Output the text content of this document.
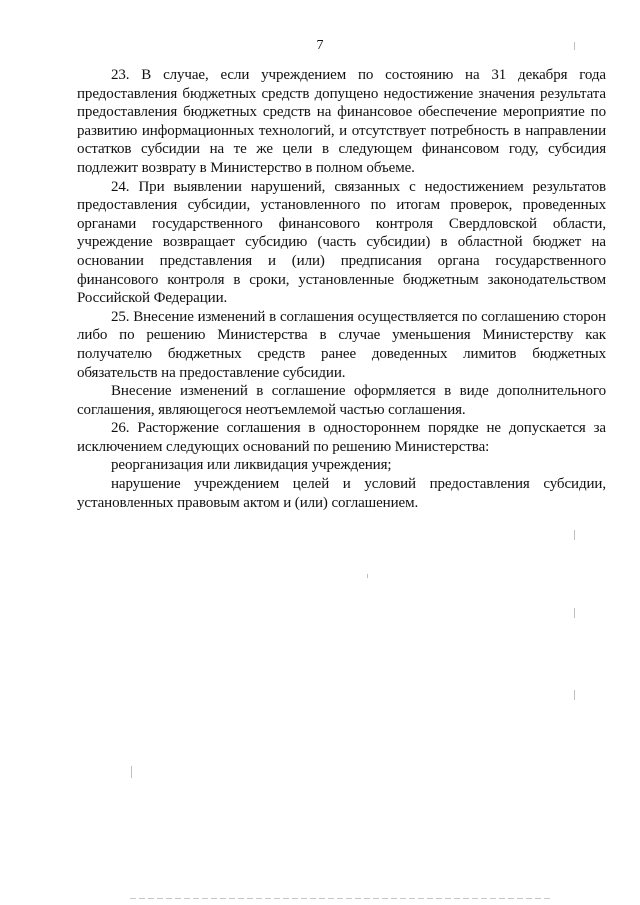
7

23. В случае, если учреждением по состоянию на 31 декабря года предоставления бюджетных средств допущено недостижение значения результата предоставления бюджетных средств на финансовое обеспечение мероприятие по развитию информационных технологий, и отсутствует потребность в направлении остатков субсидии на те же цели в следующем финансовом году, субсидия подлежит возврату в Министерство в полном объеме.

24. При выявлении нарушений, связанных с недостижением результатов предоставления субсидии, установленного по итогам проверок, проведенных органами государственного финансового контроля Свердловской области, учреждение возвращает субсидию (часть субсидии) в областной бюджет на основании представления и (или) предписания органа государственного финансового контроля в сроки, установленные бюджетным законодательством Российской Федерации.

25. Внесение изменений в соглашения осуществляется по соглашению сторон либо по решению Министерства в случае уменьшения Министерству как получателю бюджетных средств ранее доведенных лимитов бюджетных обязательств на предоставление субсидии.

Внесение изменений в соглашение оформляется в виде дополнительного соглашения, являющегося неотъемлемой частью соглашения.

26. Расторжение соглашения в одностороннем порядке не допускается за исключением следующих оснований по решению Министерства:

реорганизация или ликвидация учреждения;

нарушение учреждением целей и условий предоставления субсидии, установленных правовым актом и (или) соглашением.
